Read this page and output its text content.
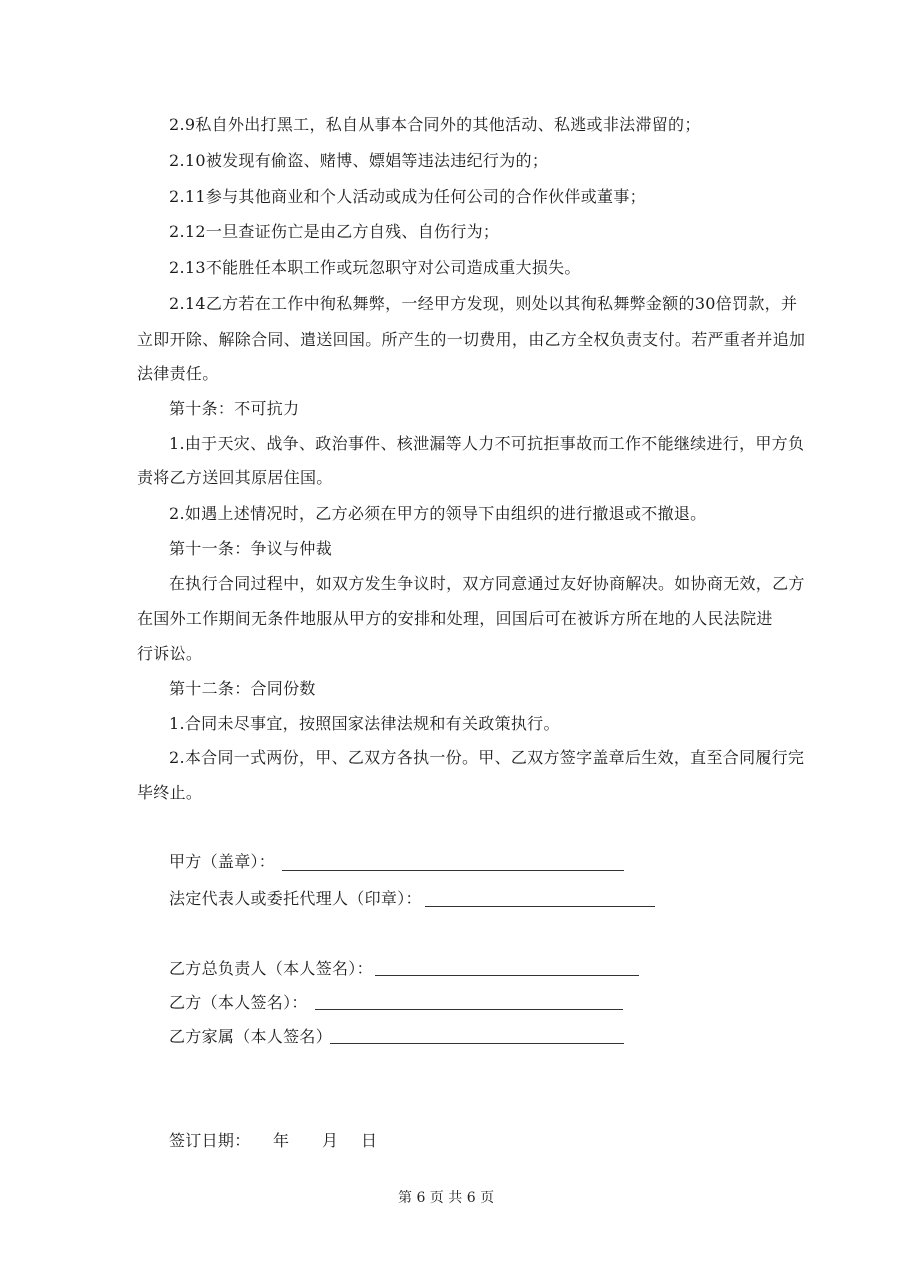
2.9私自外出打黑工，私自从事本合同外的其他活动、私逃或非法滞留的；
2.10被发现有偷盗、赌博、嫖娼等违法违纪行为的；
2.11参与其他商业和个人活动或成为任何公司的合作伙伴或董事；
2.12一旦查证伤亡是由乙方自残、自伤行为；
2.13不能胜任本职工作或玩忽职守对公司造成重大损失。
2.14乙方若在工作中徇私舞弊，一经甲方发现，则处以其徇私舞弊金额的30倍罚款，并
立即开除、解除合同、遣送回国。所产生的一切费用，由乙方全权负责支付。若严重者并追加
法律责任。
第十条：不可抗力
1.由于天灾、战争、政治事件、核泄漏等人力不可抗拒事故而工作不能继续进行，甲方负
责将乙方送回其原居住国。
2.如遇上述情况时，乙方必须在甲方的领导下由组织的进行撤退或不撤退。
第十一条：争议与仲裁
在执行合同过程中，如双方发生争议时，双方同意通过友好协商解决。如协商无效，乙方
在国外工作期间无条件地服从甲方的安排和处理，回国后可在被诉方所在地的人民法院进
行诉讼。
第十二条：合同份数
1.合同未尽事宜，按照国家法律法规和有关政策执行。
2.本合同一式两份，甲、乙双方各执一份。甲、乙双方签字盖章后生效，直至合同履行完
毕终止。
甲方（盖章）：
法定代表人或委托代理人（印章）：
乙方总负责人（本人签名）：
乙方（本人签名）：
乙方家属（本人签名）
签订日期： 年 月 日
第 6 页 共 6 页
